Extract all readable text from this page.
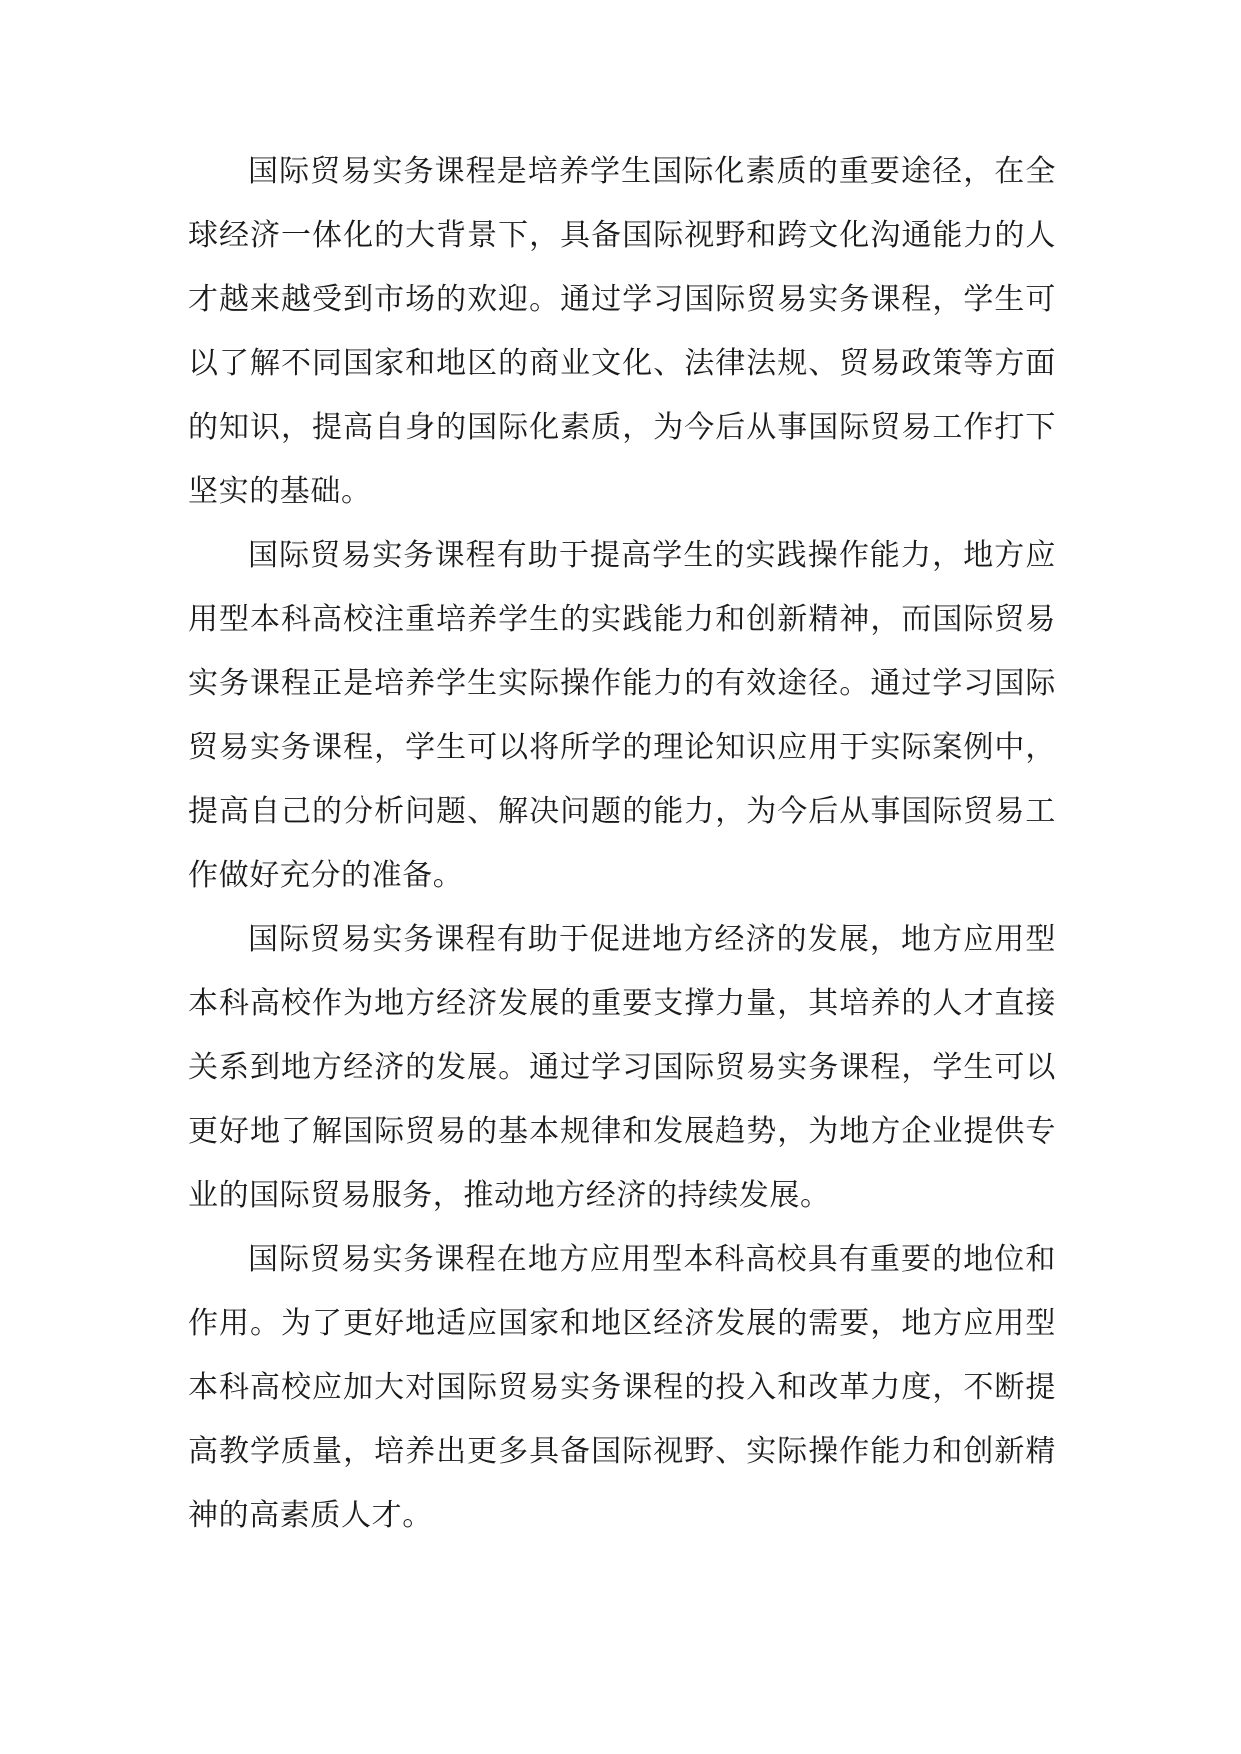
国际贸易实务课程是培养学生国际化素质的重要途径，在全球经济一体化的大背景下，具备国际视野和跨文化沟通能力的人才越来越受到市场的欢迎。通过学习国际贸易实务课程，学生可以了解不同国家和地区的商业文化、法律法规、贸易政策等方面的知识，提高自身的国际化素质，为今后从事国际贸易工作打下坚实的基础。

国际贸易实务课程有助于提高学生的实践操作能力，地方应用型本科高校注重培养学生的实践能力和创新精神，而国际贸易实务课程正是培养学生实际操作能力的有效途径。通过学习国际贸易实务课程，学生可以将所学的理论知识应用于实际案例中，提高自己的分析问题、解决问题的能力，为今后从事国际贸易工作做好充分的准备。

国际贸易实务课程有助于促进地方经济的发展，地方应用型本科高校作为地方经济发展的重要支撑力量，其培养的人才直接关系到地方经济的发展。通过学习国际贸易实务课程，学生可以更好地了解国际贸易的基本规律和发展趋势，为地方企业提供专业的国际贸易服务，推动地方经济的持续发展。

国际贸易实务课程在地方应用型本科高校具有重要的地位和作用。为了更好地适应国家和地区经济发展的需要，地方应用型本科高校应加大对国际贸易实务课程的投入和改革力度，不断提高教学质量，培养出更多具备国际视野、实际操作能力和创新精神的高素质人才。
